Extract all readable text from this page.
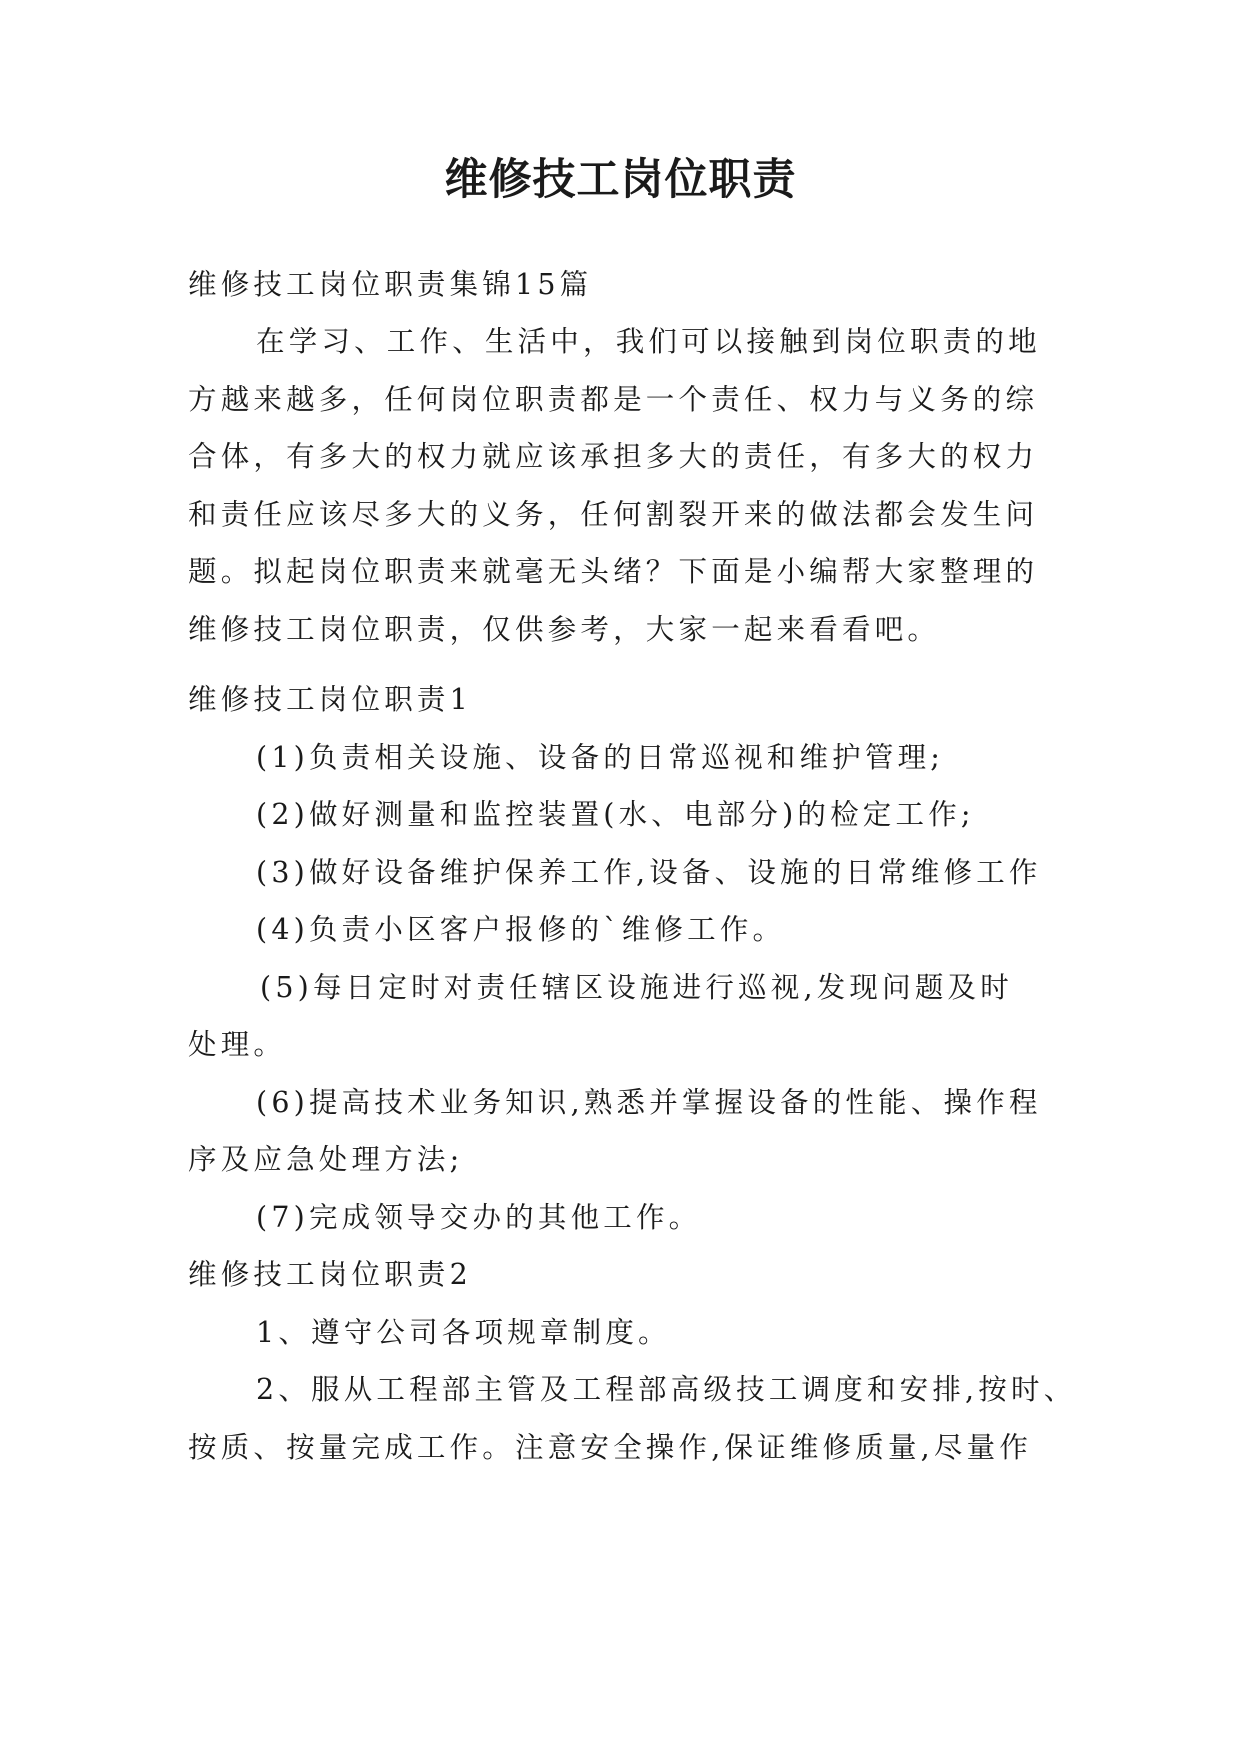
维修技工岗位职责
维修技工岗位职责集锦15篇
在学习、工作、生活中，我们可以接触到岗位职责的地
方越来越多，任何岗位职责都是一个责任、权力与义务的综
合体，有多大的权力就应该承担多大的责任，有多大的权力
和责任应该尽多大的义务，任何割裂开来的做法都会发生问
题。拟起岗位职责来就毫无头绪？下面是小编帮大家整理的
维修技工岗位职责，仅供参考，大家一起来看看吧。
维修技工岗位职责1
(1)负责相关设施、设备的日常巡视和维护管理;
(2)做好测量和监控装置(水、电部分)的检定工作;
(3)做好设备维护保养工作,设备、设施的日常维修工作
(4)负责小区客户报修的`维修工作。
(5)每日定时对责任辖区设施进行巡视,发现问题及时
处理。
(6)提高技术业务知识,熟悉并掌握设备的性能、操作程
序及应急处理方法;
(7)完成领导交办的其他工作。
维修技工岗位职责2
1、遵守公司各项规章制度。
2、服从工程部主管及工程部高级技工调度和安排,按时、
按质、按量完成工作。注意安全操作,保证维修质量,尽量作
